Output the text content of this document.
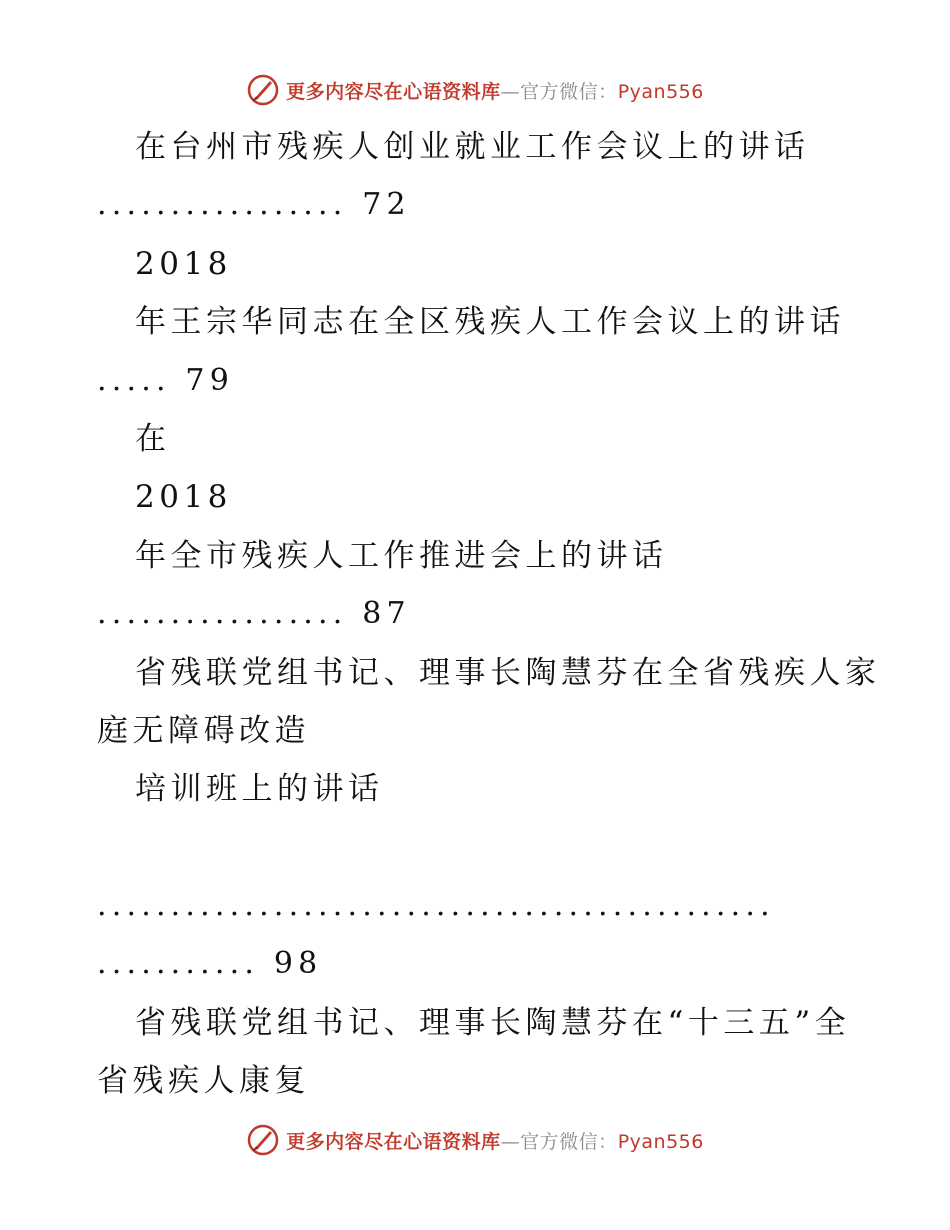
更多内容尽在心语资料库—官方微信：Pyan556
在台州市残疾人创业就业工作会议上的讲话
................. 72
2018
年王宗华同志在全区残疾人工作会议上的讲话
..... 79
在
2018
年全市残疾人工作推进会上的讲话
................. 87
省残联党组书记、理事长陶慧芬在全省残疾人家
庭无障碍改造
培训班上的讲话
..............................................
........... 98
省残联党组书记、理事长陶慧芬在“十三五”全
省残疾人康复
更多内容尽在心语资料库—官方微信：Pyan556
